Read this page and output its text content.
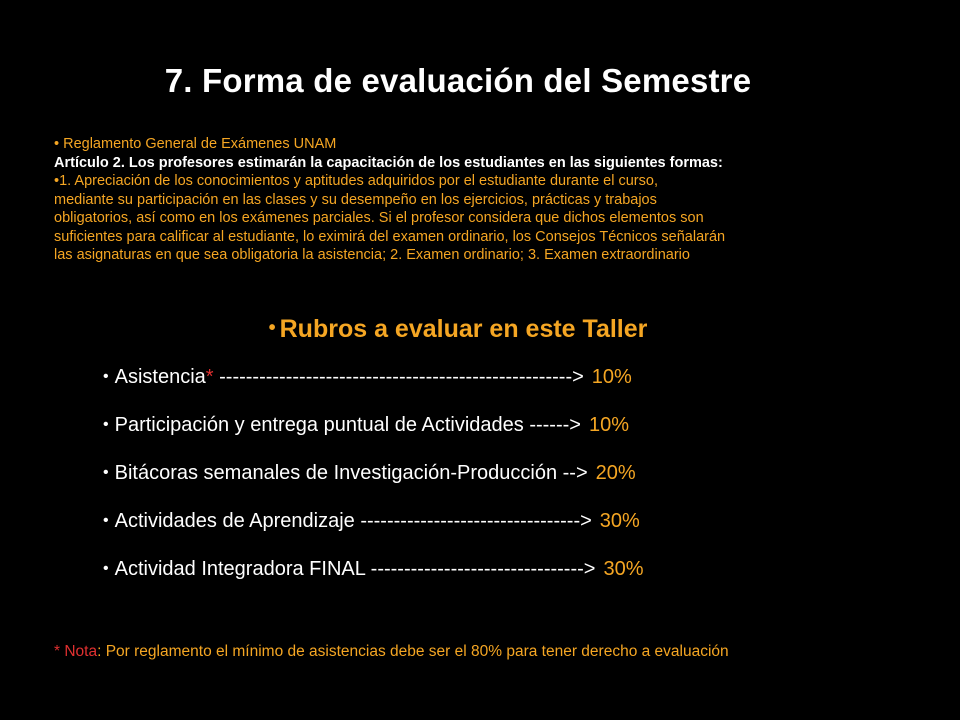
7. Forma de evaluación del Semestre
• Reglamento General de Exámenes UNAM
Artículo 2. Los profesores estimarán la capacitación de los estudiantes en las siguientes formas:
•1. Apreciación de los conocimientos y aptitudes adquiridos por el estudiante durante el curso,
mediante su participación en las clases y su desempeño en los ejercicios, prácticas y trabajos
obligatorios, así como en los exámenes parciales. Si el profesor considera que dichos elementos son
suficientes para calificar al estudiante, lo eximirá del examen ordinario, los Consejos Técnicos señalarán
las asignaturas en que sea obligatoria la asistencia; 2. Examen ordinario; 3. Examen extraordinario
• Rubros a evaluar en este Taller
• Asistencia* -----------------------------------------------------> 10%
• Participación y entrega puntual de Actividades ------> 10%
• Bitácoras semanales de Investigación-Producción --> 20%
• Actividades de Aprendizaje ---------------------------------> 30%
• Actividad Integradora FINAL --------------------------------> 30%
* Nota: Por reglamento el mínimo de asistencias debe ser el 80% para tener derecho a evaluación
